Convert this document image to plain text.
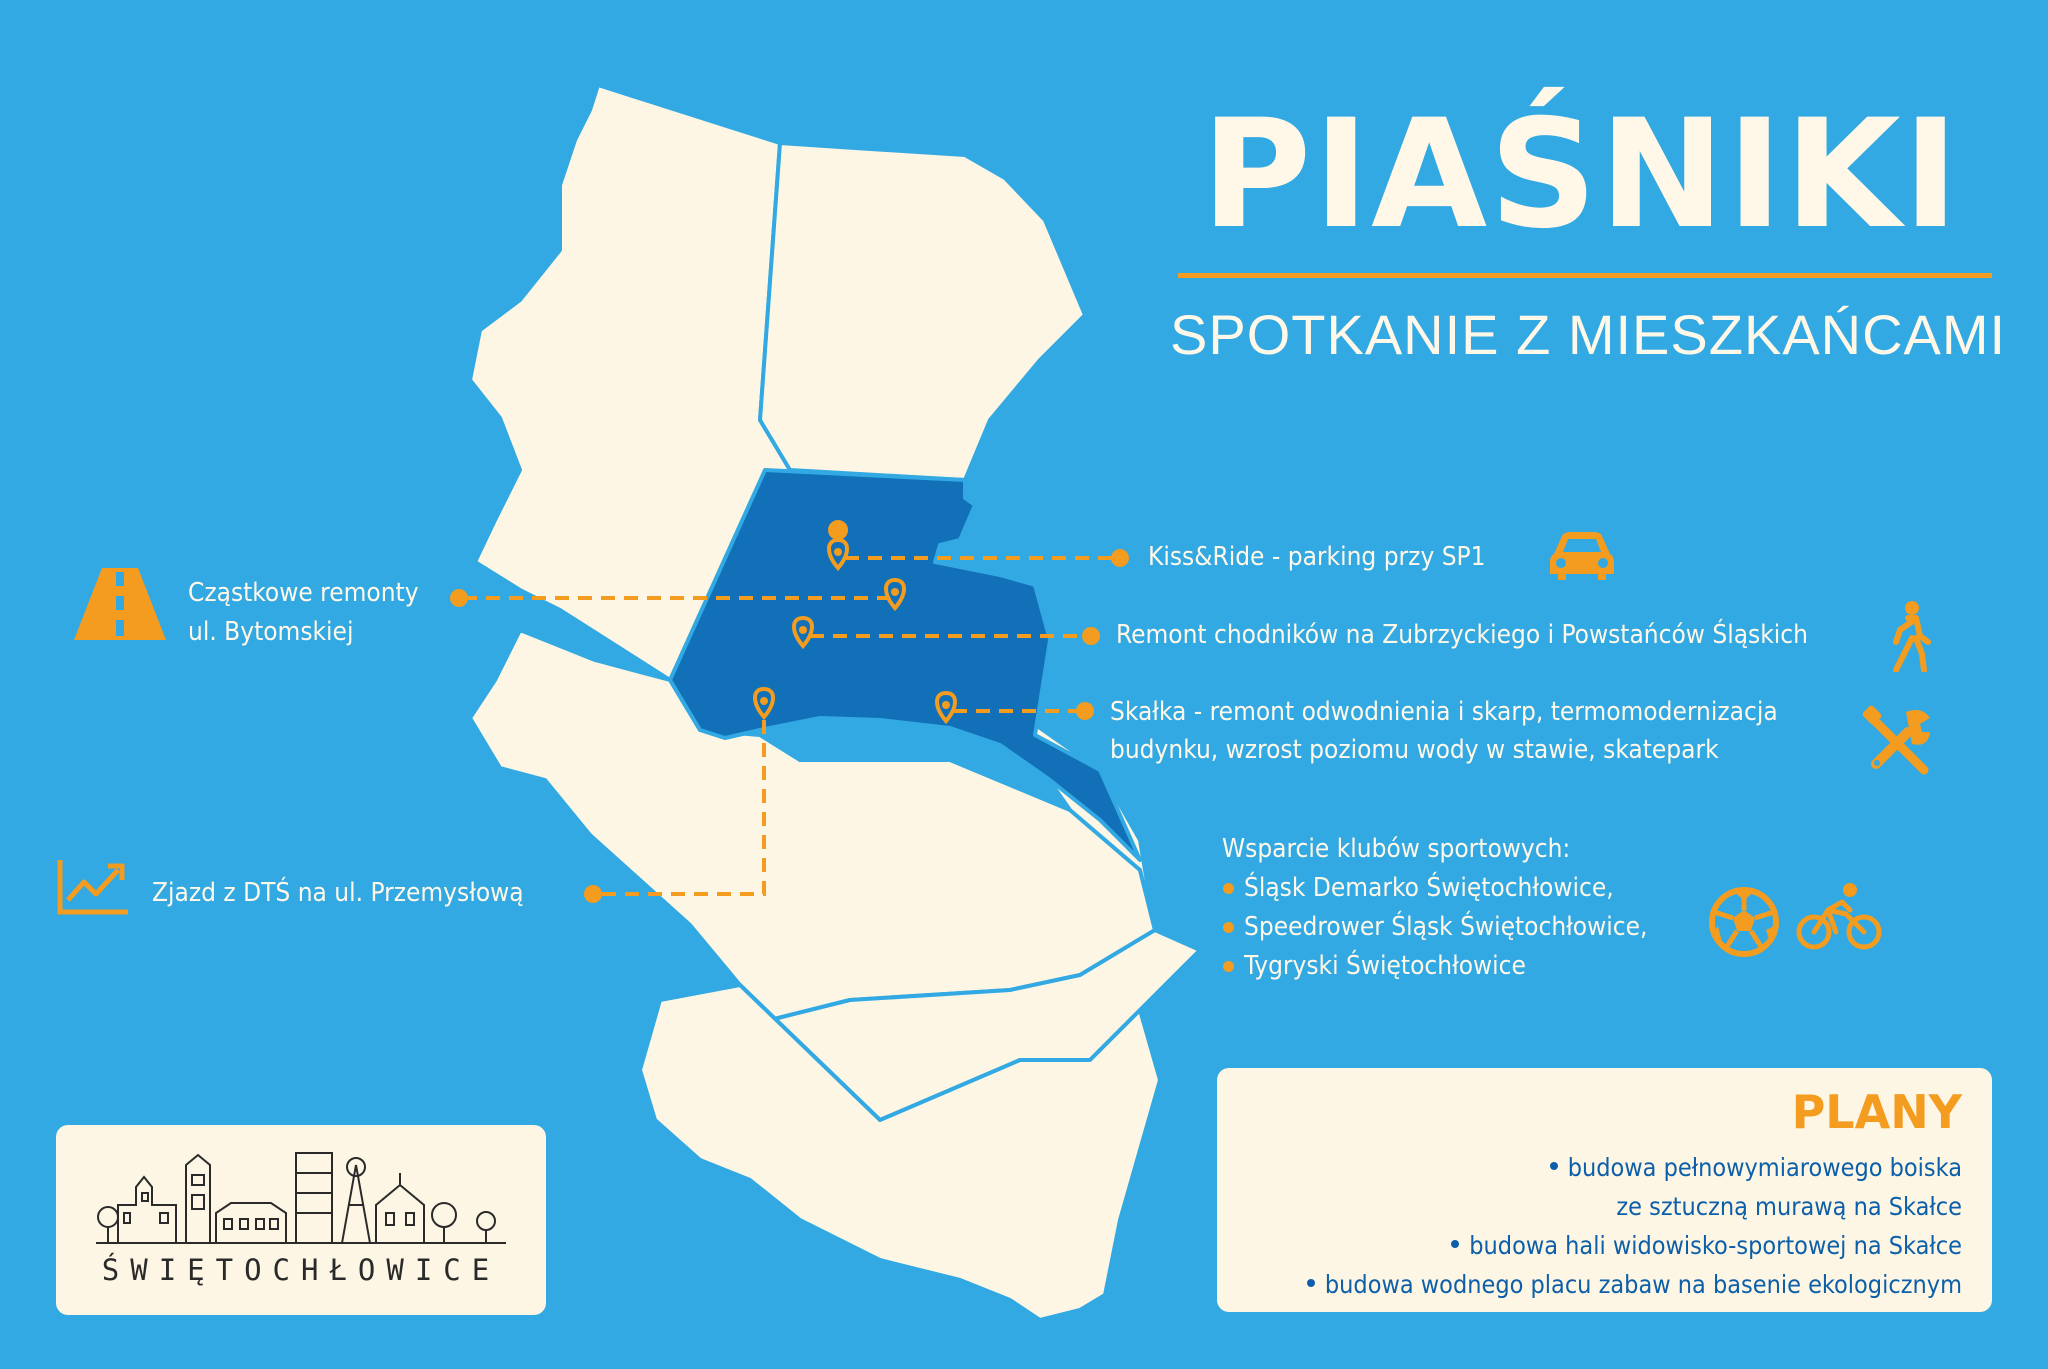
PIAŚNIKI
SPOTKANIE Z MIESZKAŃCAMI
Kiss&Ride - parking przy SP1
Remont chodników na Zubrzyckiego i Powstańców Śląskich
Skałka - remont odwodnienia i skarp, termomodernizacja
budynku, wzrost poziomu wody w stawie, skatepark
Cząstkowe remonty
ul. Bytomskiej
Zjazd z DTŚ na ul. Przemysłową
Wsparcie klubów sportowych:
Śląsk Demarko Świętochłowice,
Speedrower Śląsk Świętochłowice,
Tygryski Świętochłowice
PLANY
budowa pełnowymiarowego boiska
ze sztuczną murawą na Skałce
budowa hali widowisko-sportowej na Skałce
budowa wodnego placu zabaw na basenie ekologicznym
ŚWIĘTOCHŁOWICE
